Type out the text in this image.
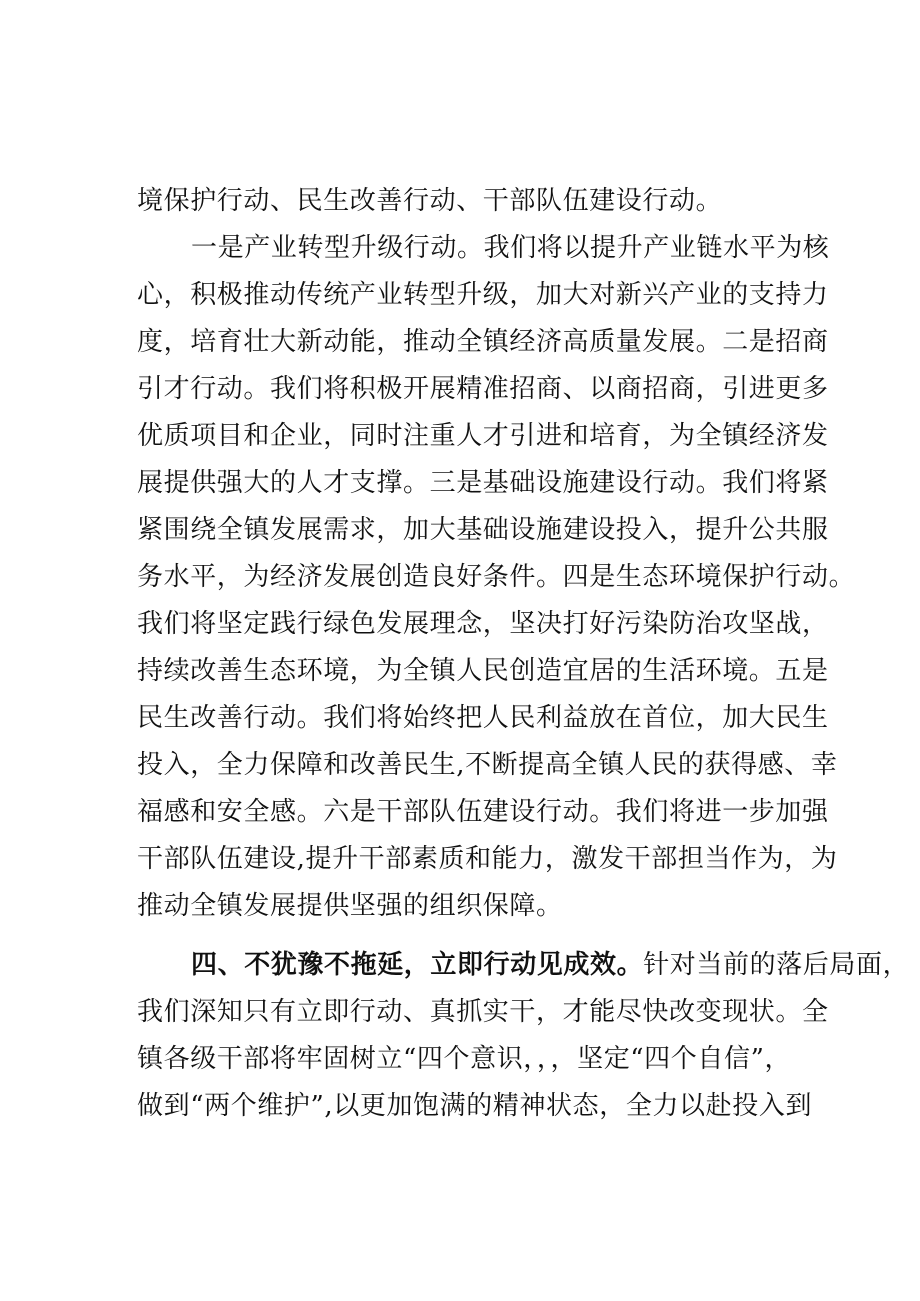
境保护行动、民生改善行动、干部队伍建设行动。
一是产业转型升级行动。我们将以提升产业链水平为核
心，积极推动传统产业转型升级，加大对新兴产业的支持力
度，培育壮大新动能，推动全镇经济高质量发展。二是招商
引才行动。我们将积极开展精准招商、以商招商，引进更多
优质项目和企业，同时注重人才引进和培育，为全镇经济发
展提供强大的人才支撑。三是基础设施建设行动。我们将紧
紧围绕全镇发展需求，加大基础设施建设投入，提升公共服
务水平，为经济发展创造良好条件。四是生态环境保护行动。
我们将坚定践行绿色发展理念，坚决打好污染防治攻坚战，
持续改善生态环境，为全镇人民创造宜居的生活环境。五是
民生改善行动。我们将始终把人民利益放在首位，加大民生
投入，全力保障和改善民生,不断提高全镇人民的获得感、幸
福感和安全感。六是干部队伍建设行动。我们将进一步加强
干部队伍建设,提升干部素质和能力，激发干部担当作为，为
推动全镇发展提供坚强的组织保障。
四、不犹豫不拖延，立即行动见成效。针对当前的落后局面，
我们深知只有立即行动、真抓实干，才能尽快改变现状。全
镇各级干部将牢固树立“四个意识，，，坚定“四个自信”，
做到“两个维护”,以更加饱满的精神状态，全力以赴投入到
